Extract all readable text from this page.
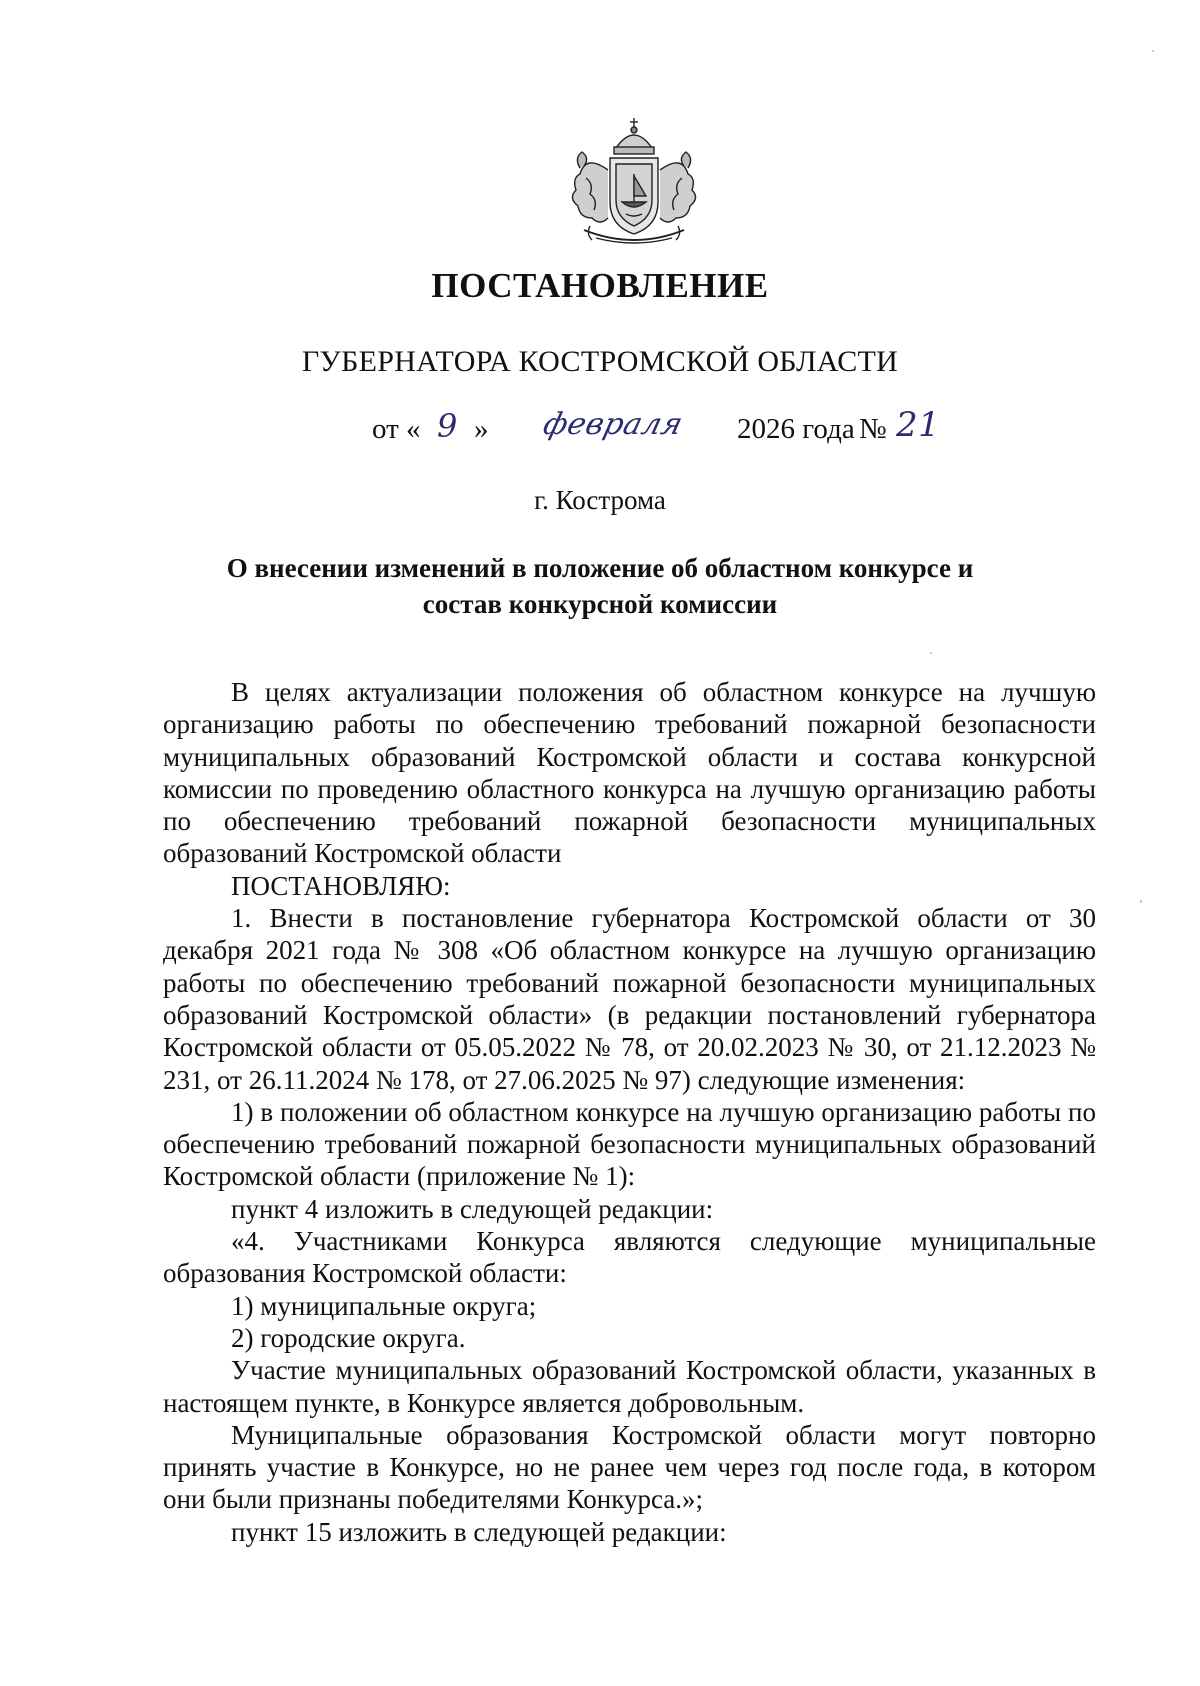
ПОСТАНОВЛЕНИЕ
ГУБЕРНАТОРА КОСТРОМСКОЙ ОБЛАСТИ
от « 9 » февраля 2026 года № 21
г. Кострома
О внесении изменений в положение об областном конкурсе и
состав конкурсной комиссии

В целях актуализации положения об областном конкурсе на лучшую организацию работы по обеспечению требований пожарной безопасности муниципальных образований Костромской области и состава конкурсной комиссии по проведению областного конкурса на лучшую организацию работы по обеспечению требований пожарной безопасности муниципальных образований Костромской области

ПОСТАНОВЛЯЮ:

1. Внести в постановление губернатора Костромской области от 30 декабря 2021 года № 308 «Об областном конкурсе на лучшую организацию работы по обеспечению требований пожарной безопасности муниципальных образований Костромской области» (в редакции постановлений губернатора Костромской области от 05.05.2022 № 78, от 20.02.2023 № 30, от 21.12.2023 № 231, от 26.11.2024 № 178, от 27.06.2025 № 97) следующие изменения:

1) в положении об областном конкурсе на лучшую организацию работы по обеспечению требований пожарной безопасности муниципальных образований Костромской области (приложение № 1):

пункт 4 изложить в следующей редакции:

«4. Участниками Конкурса являются следующие муниципальные образования Костромской области:

1) муниципальные округа;

2) городские округа.

Участие муниципальных образований Костромской области, указанных в настоящем пункте, в Конкурсе является добровольным.

Муниципальные образования Костромской области могут повторно принять участие в Конкурсе, но не ранее чем через год после года, в котором они были признаны победителями Конкурса.»;

пункт 15 изложить в следующей редакции:
